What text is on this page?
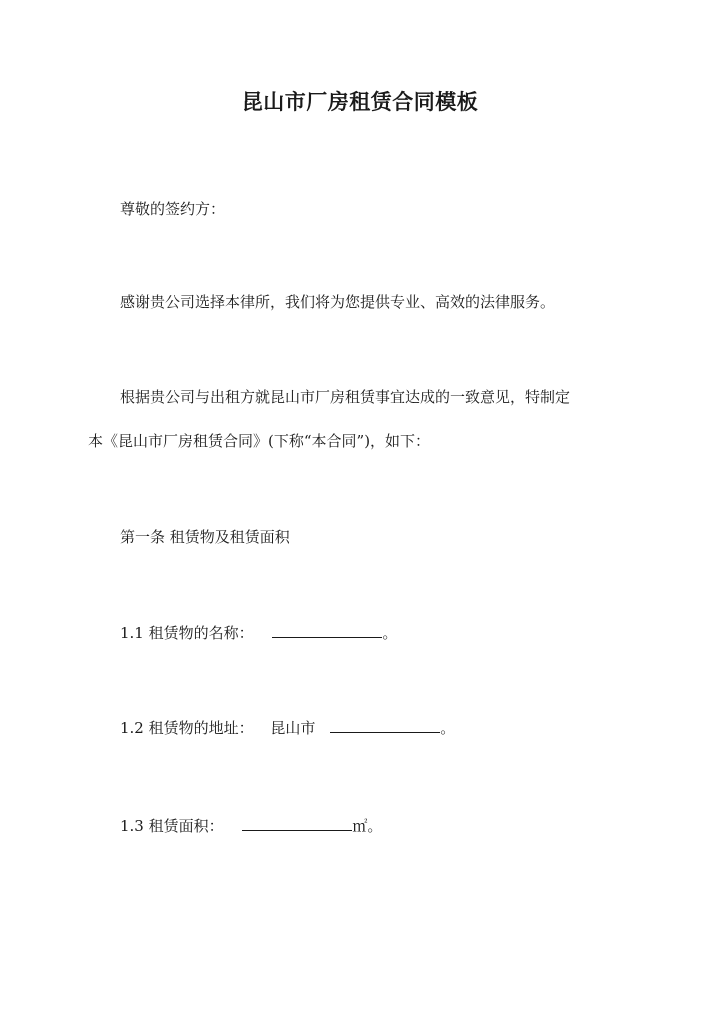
昆山市厂房租赁合同模板
尊敬的签约方：
感谢贵公司选择本律所，我们将为您提供专业、高效的法律服务。
根据贵公司与出租方就昆山市厂房租赁事宜达成的一致意见，特制定
本《昆山市厂房租赁合同》(下称“本合同”)，如下：
第一条 租赁物及租赁面积
1.1 租赁物的名称：	。
1.2 租赁物的地址： 昆山市	。
1.3 租赁面积：	㎡。
